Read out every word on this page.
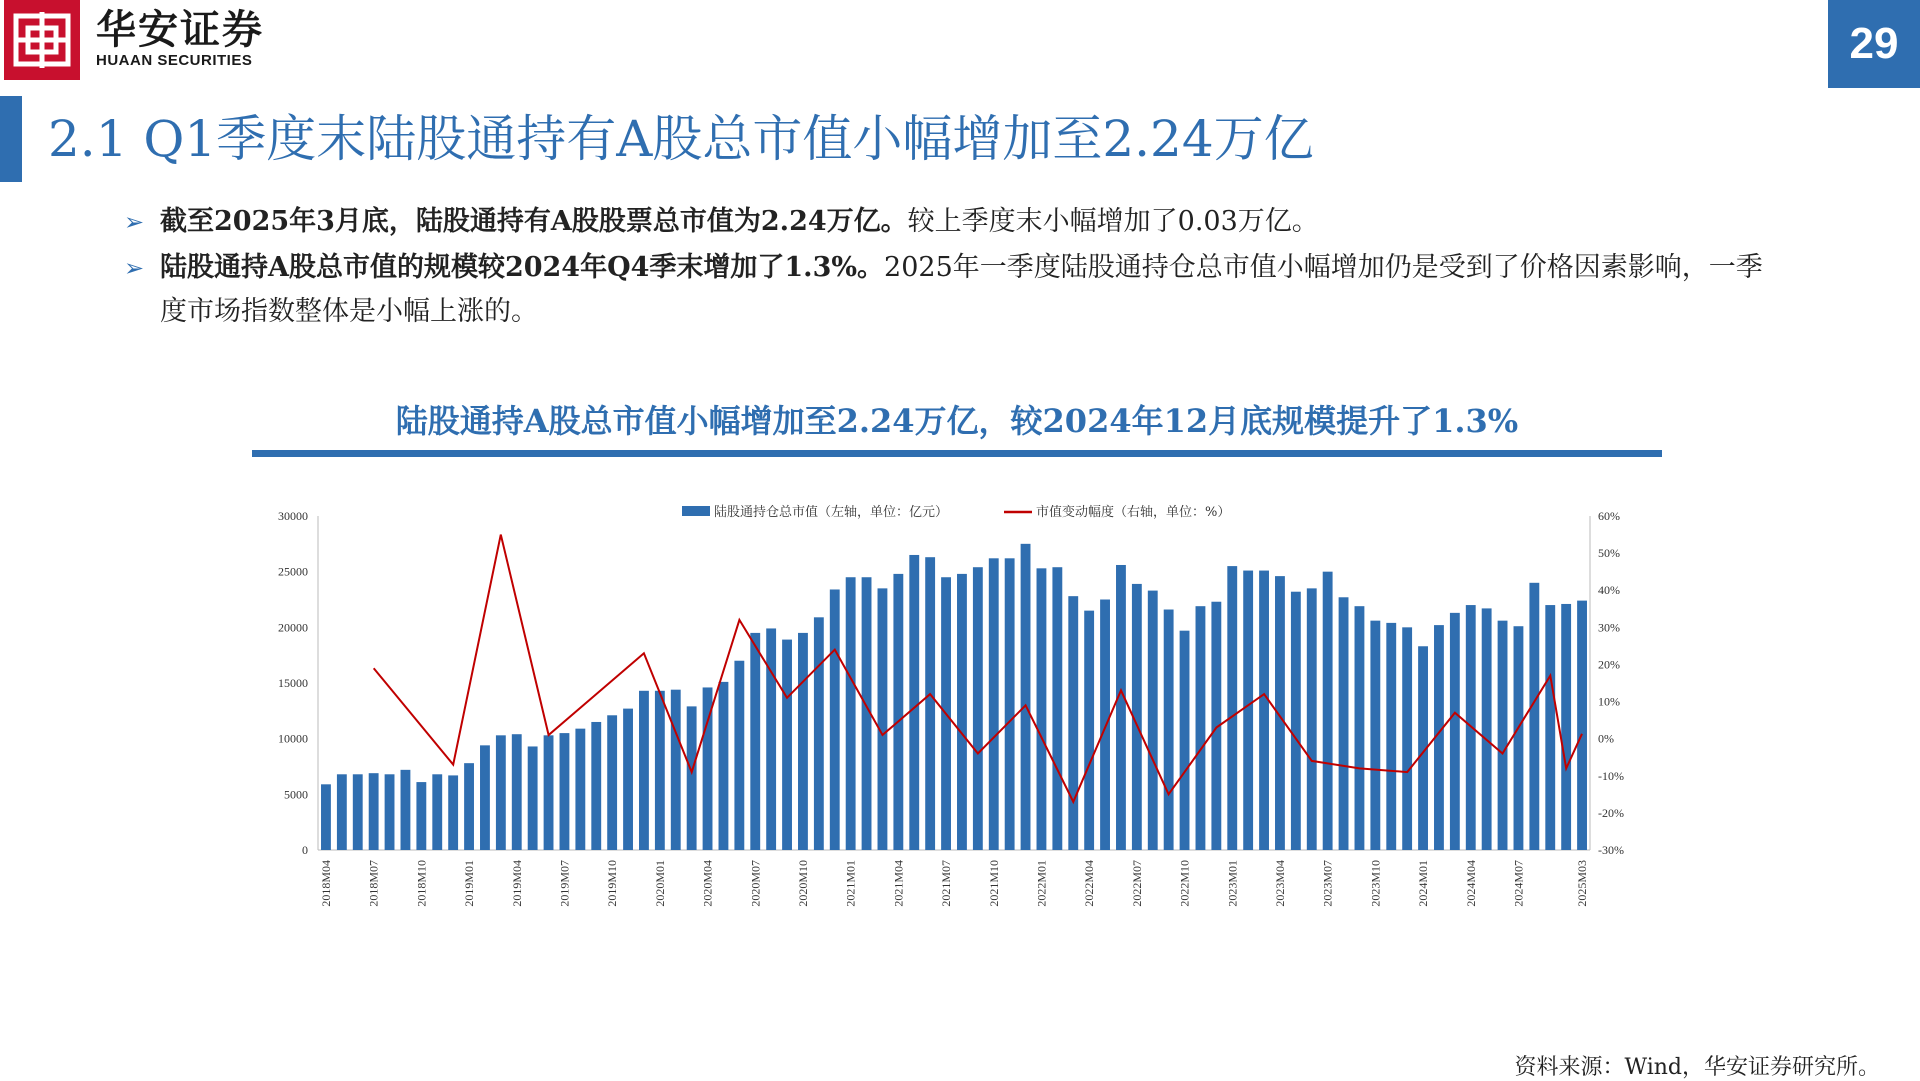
华安证券
HUAAN SECURITIES	29
2.1 Q1季度末陆股通持有A股总市值小幅增加至2.24万亿
➢ 截至2025年3月底，陆股通持有A股股票总市值为2.24万亿。较上季度末小幅增加了0.03万亿。
➢ 陆股通持A股总市值的规模较2024年Q4季末增加了1.3%。2025年一季度陆股通持仓总市值小幅增加仍是受到了价格因素影响，一季度市场指数整体是小幅上涨的。
陆股通持A股总市值小幅增加至2.24万亿，较2024年12月底规模提升了1.3%
0
5000
10000
15000
20000
25000
30000
-30%
-20%
-10%
0%
10%
20%
30%
40%
50%
60%
2018M04	2018M07	2018M10	2019M01	2019M04	2019M07	2019M10	2020M01	2020M04	2020M07	2020M10	2021M01	2021M04	2021M07	2021M10	2022M01	2022M04	2022M07	2022M10	2023M01	2023M04	2023M07	2023M10	2024M01	2024M04	2024M07	2025M03
陆股通持仓总市值（左轴，单位：亿元）	市值变动幅度（右轴，单位：%）
资料来源：Wind，华安证券研究所。
